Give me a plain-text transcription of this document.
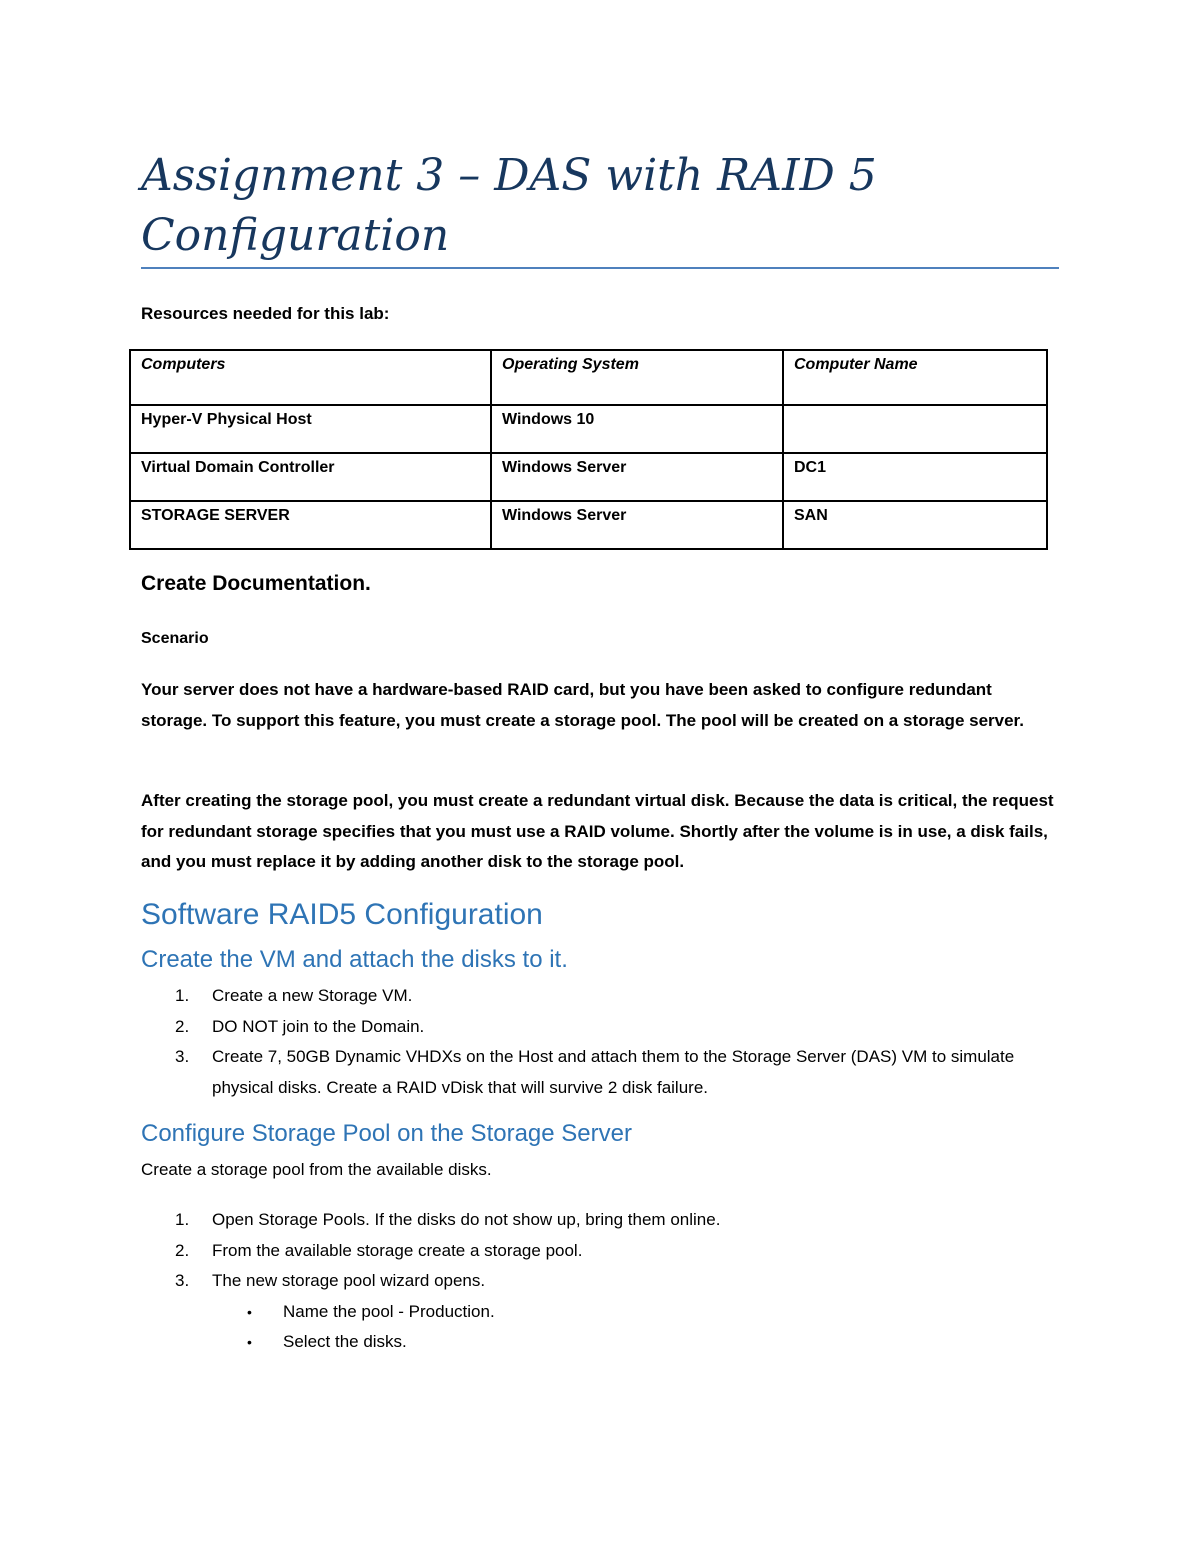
Assignment 3 – DAS with RAID 5 Configuration
Resources needed for this lab:
Computers	Operating System	Computer Name
Hyper-V Physical Host	Windows 10	
Virtual Domain Controller	Windows Server	DC1
STORAGE SERVER	Windows Server	SAN
Create Documentation.
Scenario

Your server does not have a hardware-based RAID card, but you have been asked to configure redundant storage. To support this feature, you must create a storage pool. The pool will be created on a storage server.

After creating the storage pool, you must create a redundant virtual disk. Because the data is critical, the request for redundant storage specifies that you must use a RAID volume. Shortly after the volume is in use, a disk fails, and you must replace it by adding another disk to the storage pool.

Software RAID5 Configuration
Create the VM and attach the disks to it.
1. Create a new Storage VM.
2. DO NOT join to the Domain.
3. Create 7, 50GB Dynamic VHDXs on the Host and attach them to the Storage Server (DAS) VM to simulate physical disks. Create a RAID vDisk that will survive 2 disk failure.
Configure Storage Pool on the Storage Server
Create a storage pool from the available disks.
1. Open Storage Pools. If the disks do not show up, bring them online.
2. From the available storage create a storage pool.
3. The new storage pool wizard opens.
• Name the pool - Production.
• Select the disks.
